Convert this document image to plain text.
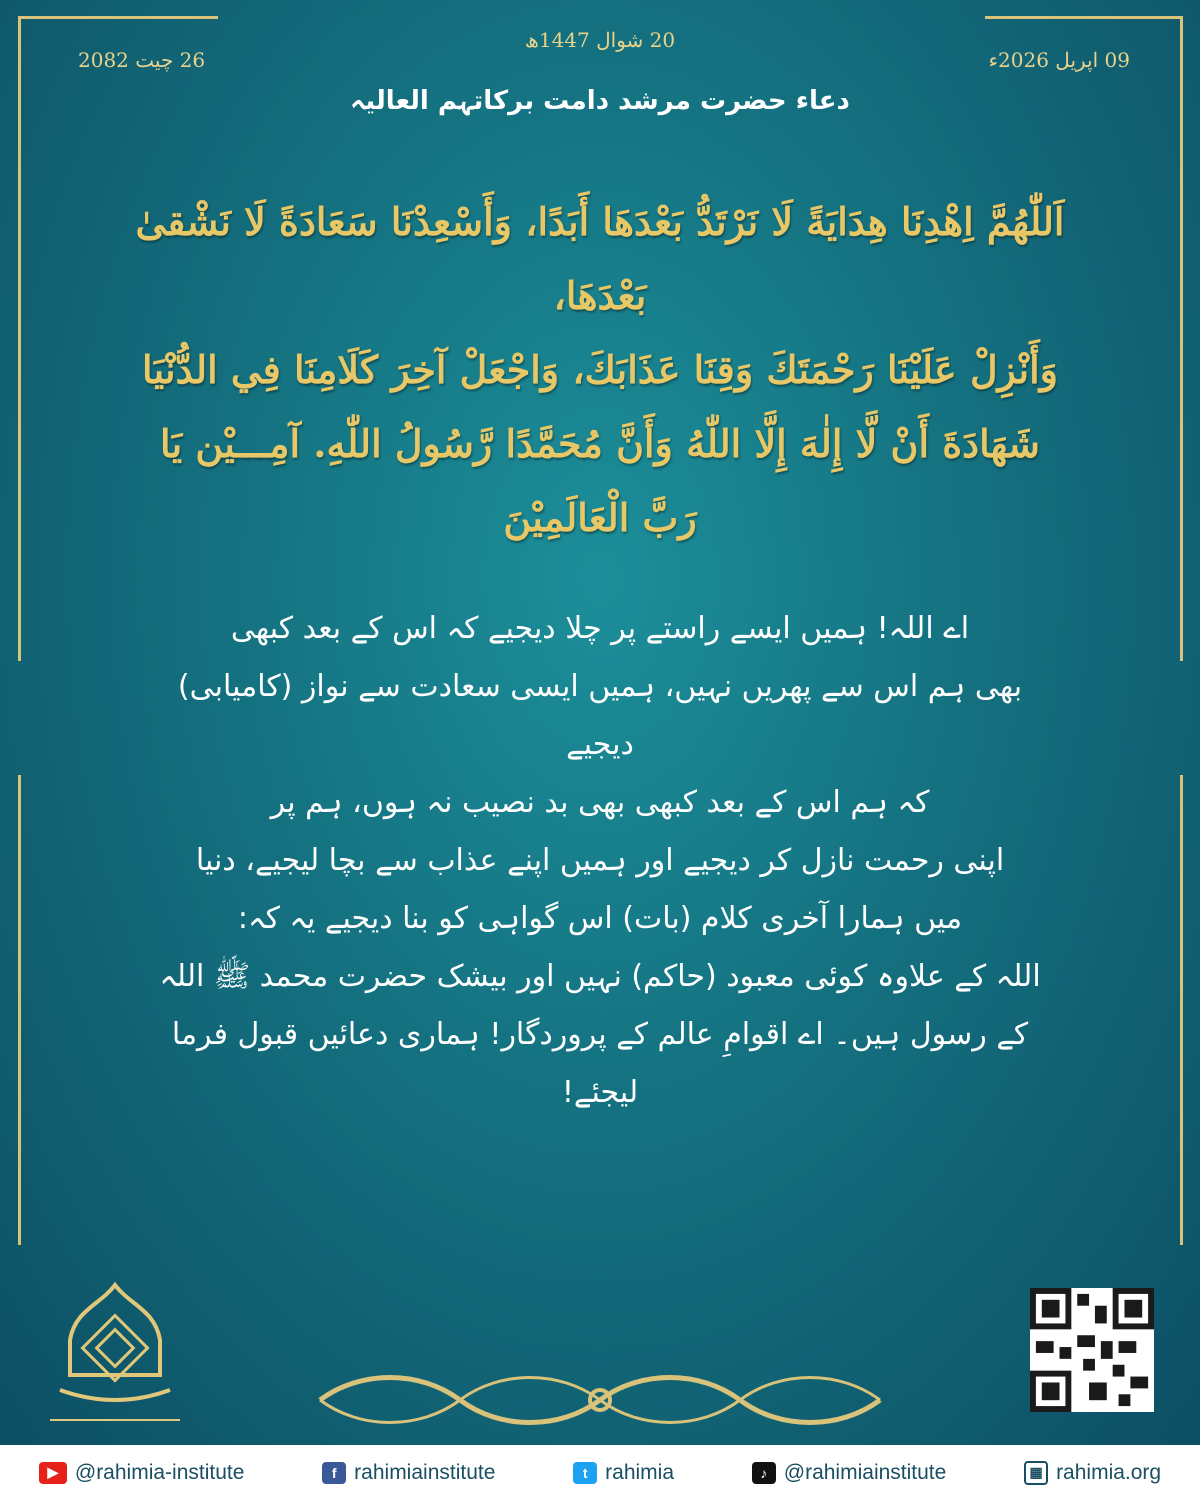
20 شوال 1447ھ
26 چیت 2082	09 اپریل 2026ء
دعاء حضرت مرشد دامت برکاتہم العالیہ
اَللّٰهُمَّ اِهْدِنَا هِدَايَةً لَا نَرْتَدُّ بَعْدَهَا أَبَدًا، وَأَسْعِدْنَا سَعَادَةً لَا نَشْقىٰ بَعْدَهَا،
وَأَنْزِلْ عَلَيْنَا رَحْمَتَكَ وَقِنَا عَذَابَكَ، وَاجْعَلْ آخِرَ كَلَامِنَا فِي الدُّنْيَا
شَهَادَةَ أَنْ لَّا إِلٰهَ إِلَّا اللّٰهُ وَأَنَّ مُحَمَّدًا رَّسُولُ اللّٰهِ. آمِـــيْن يَا
رَبَّ الْعَالَمِيْنَ
اے اللہ! ہمیں ایسے راستے پر چلا دیجیے کہ اس کے بعد کبھی
بھی ہم اس سے پھریں نہیں، ہمیں ایسی سعادت سے نواز (کامیابی) دیجیے
کہ ہم اس کے بعد کبھی بھی بد نصیب نہ ہوں، ہم پر
اپنی رحمت نازل کر دیجیے اور ہمیں اپنے عذاب سے بچا لیجیے، دنیا
میں ہمارا آخری کلام (بات) اس گواہی کو بنا دیجیے یہ کہ:
اللہ کے علاوہ کوئی معبود (حاکم) نہیں اور بیشک حضرت محمد ﷺ اللہ
کے رسول ہیں۔ اے اقوامِ عالم کے پروردگار! ہماری دعائیں قبول فرما
لیجئے!
▶ @rahimia-institute	f rahimiainstitute	t rahimia	♪ @rahimiainstitute	▦ rahimia.org
